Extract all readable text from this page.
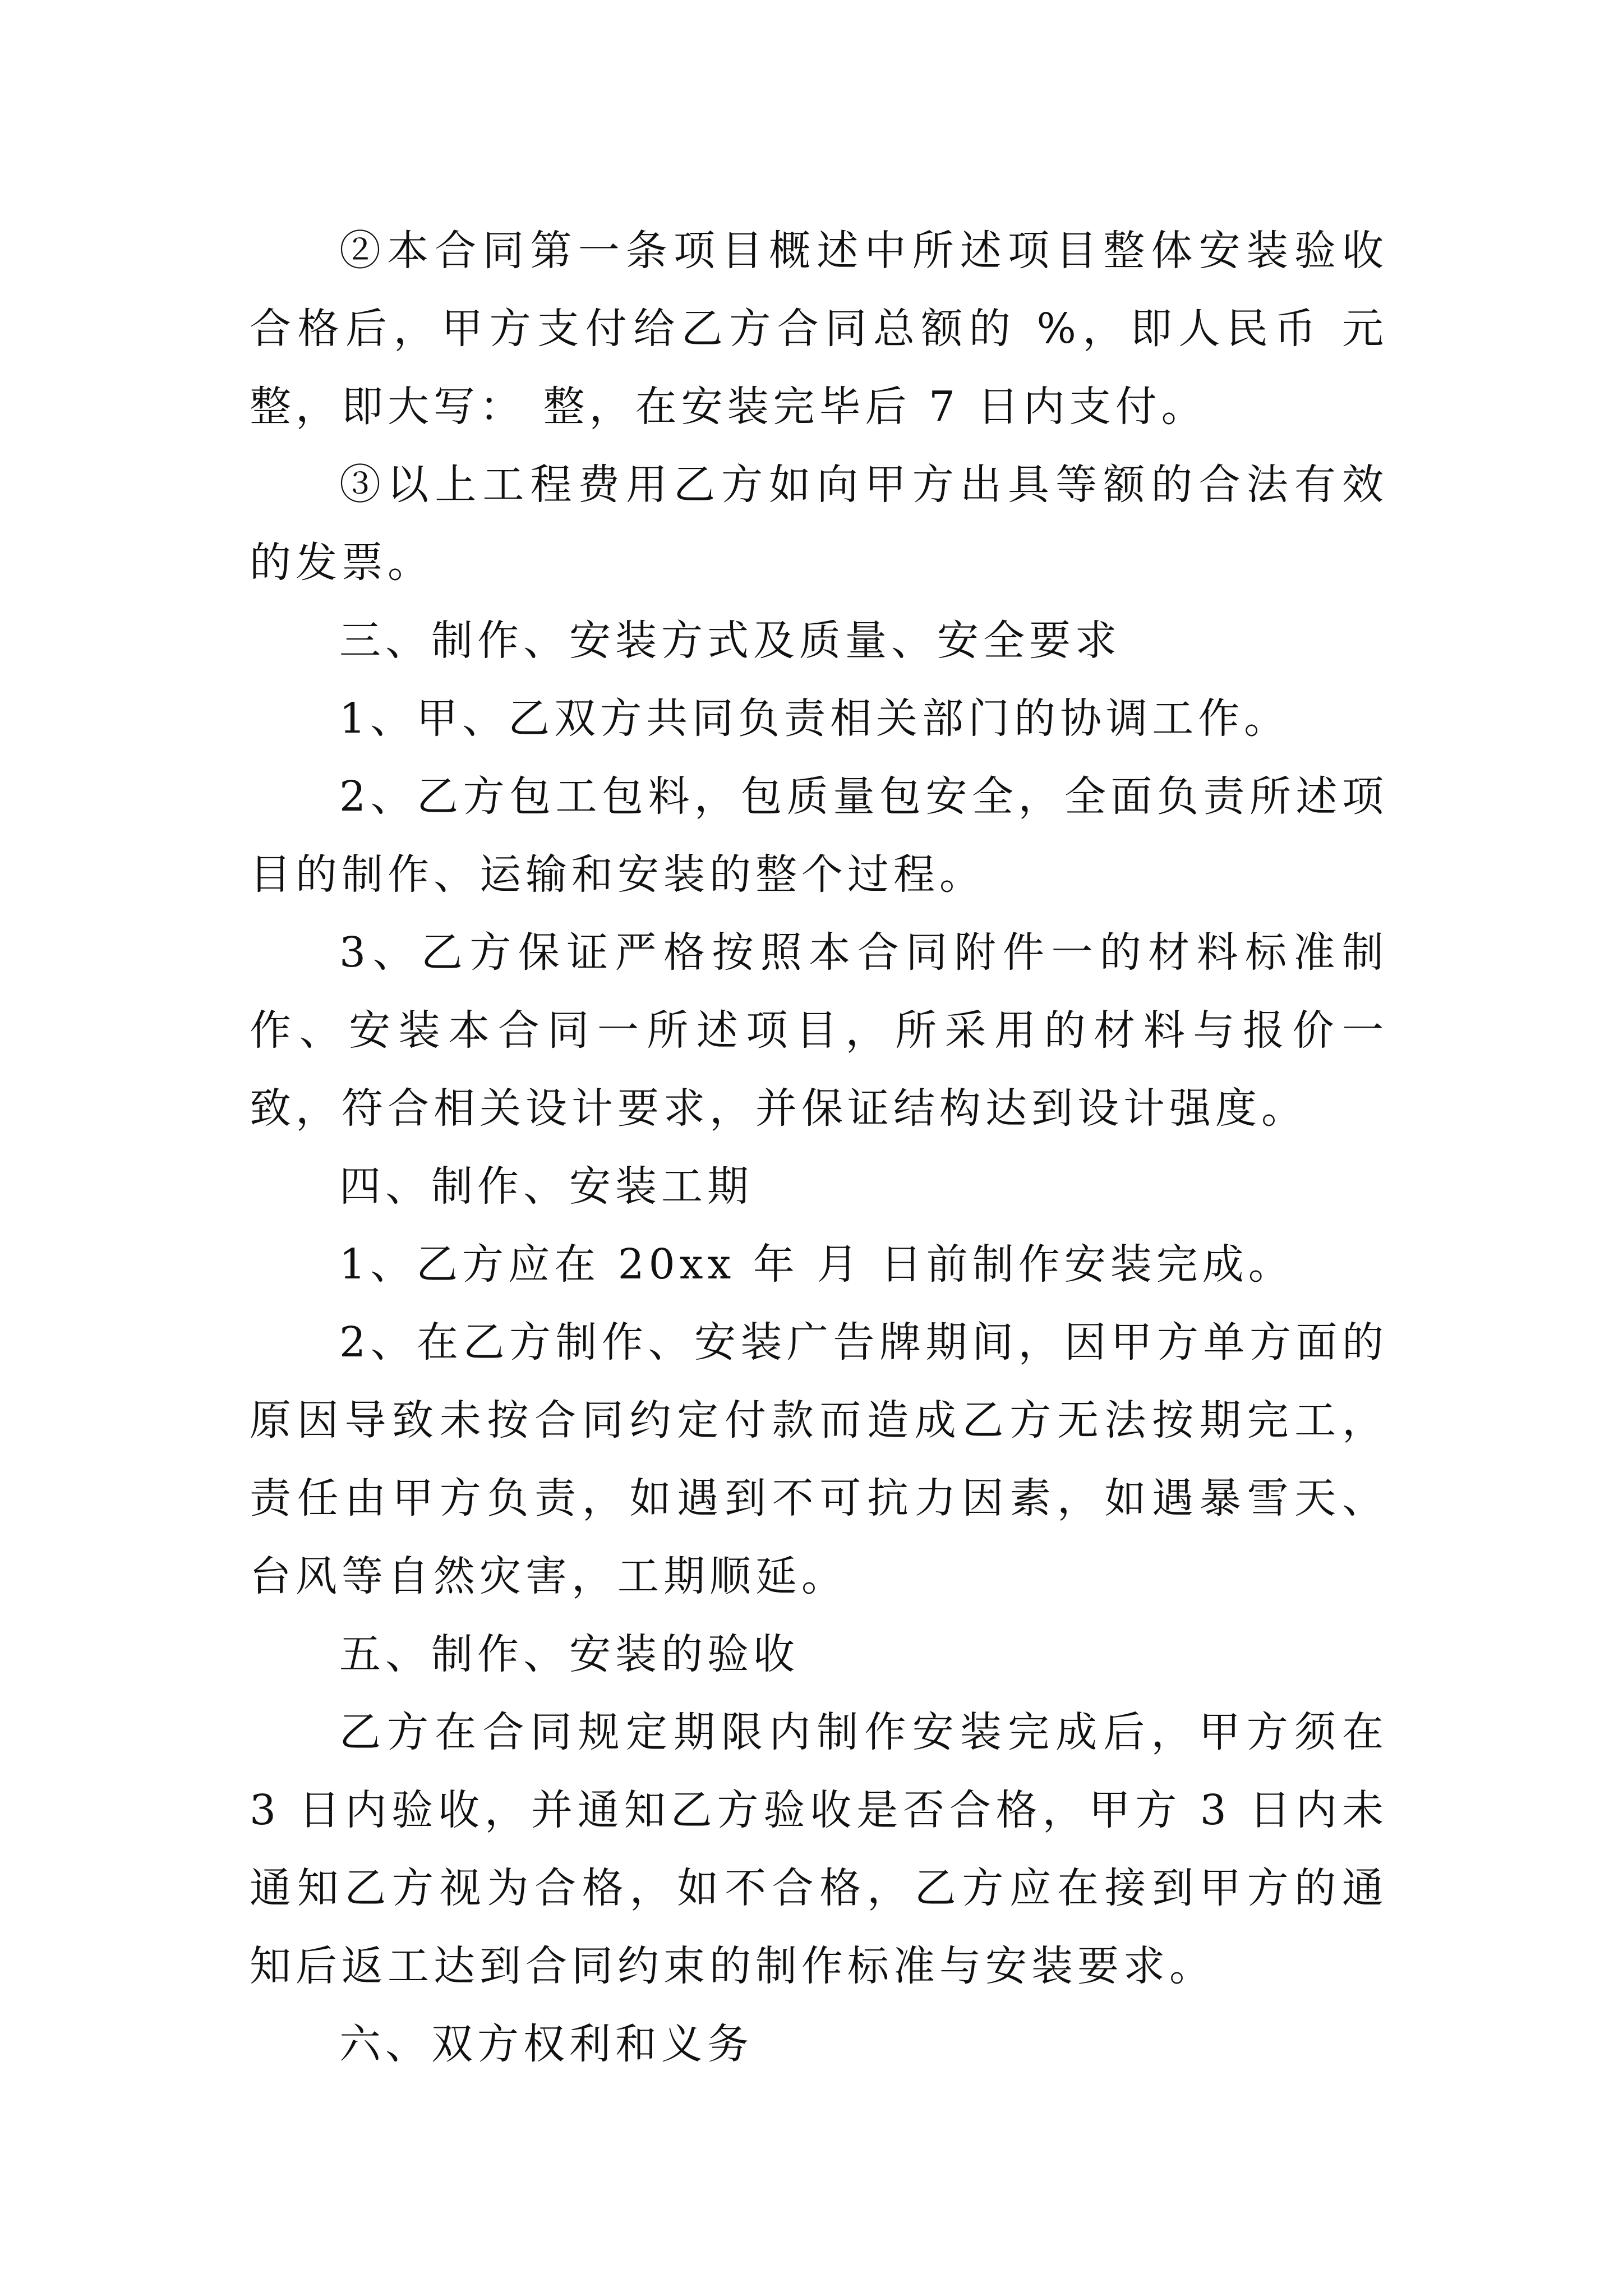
②本合同第一条项目概述中所述项目整体安装验收合格后，甲方支付给乙方合同总额的 %，即人民币 元整，即大写： 整，在安装完毕后 7 日内支付。

③以上工程费用乙方如向甲方出具等额的合法有效的发票。

三、制作、安装方式及质量、安全要求

1、甲、乙双方共同负责相关部门的协调工作。

2、乙方包工包料，包质量包安全，全面负责所述项目的制作、运输和安装的整个过程。

3、乙方保证严格按照本合同附件一的材料标准制作、安装本合同一所述项目，所采用的材料与报价一致，符合相关设计要求，并保证结构达到设计强度。

四、制作、安装工期

1、乙方应在 20xx 年 月 日前制作安装完成。

2、在乙方制作、安装广告牌期间，因甲方单方面的原因导致未按合同约定付款而造成乙方无法按期完工，责任由甲方负责，如遇到不可抗力因素，如遇暴雪天、台风等自然灾害，工期顺延。

五、制作、安装的验收

乙方在合同规定期限内制作安装完成后，甲方须在 3 日内验收，并通知乙方验收是否合格，甲方 3 日内未通知乙方视为合格，如不合格，乙方应在接到甲方的通知后返工达到合同约束的制作标准与安装要求。

六、双方权利和义务
